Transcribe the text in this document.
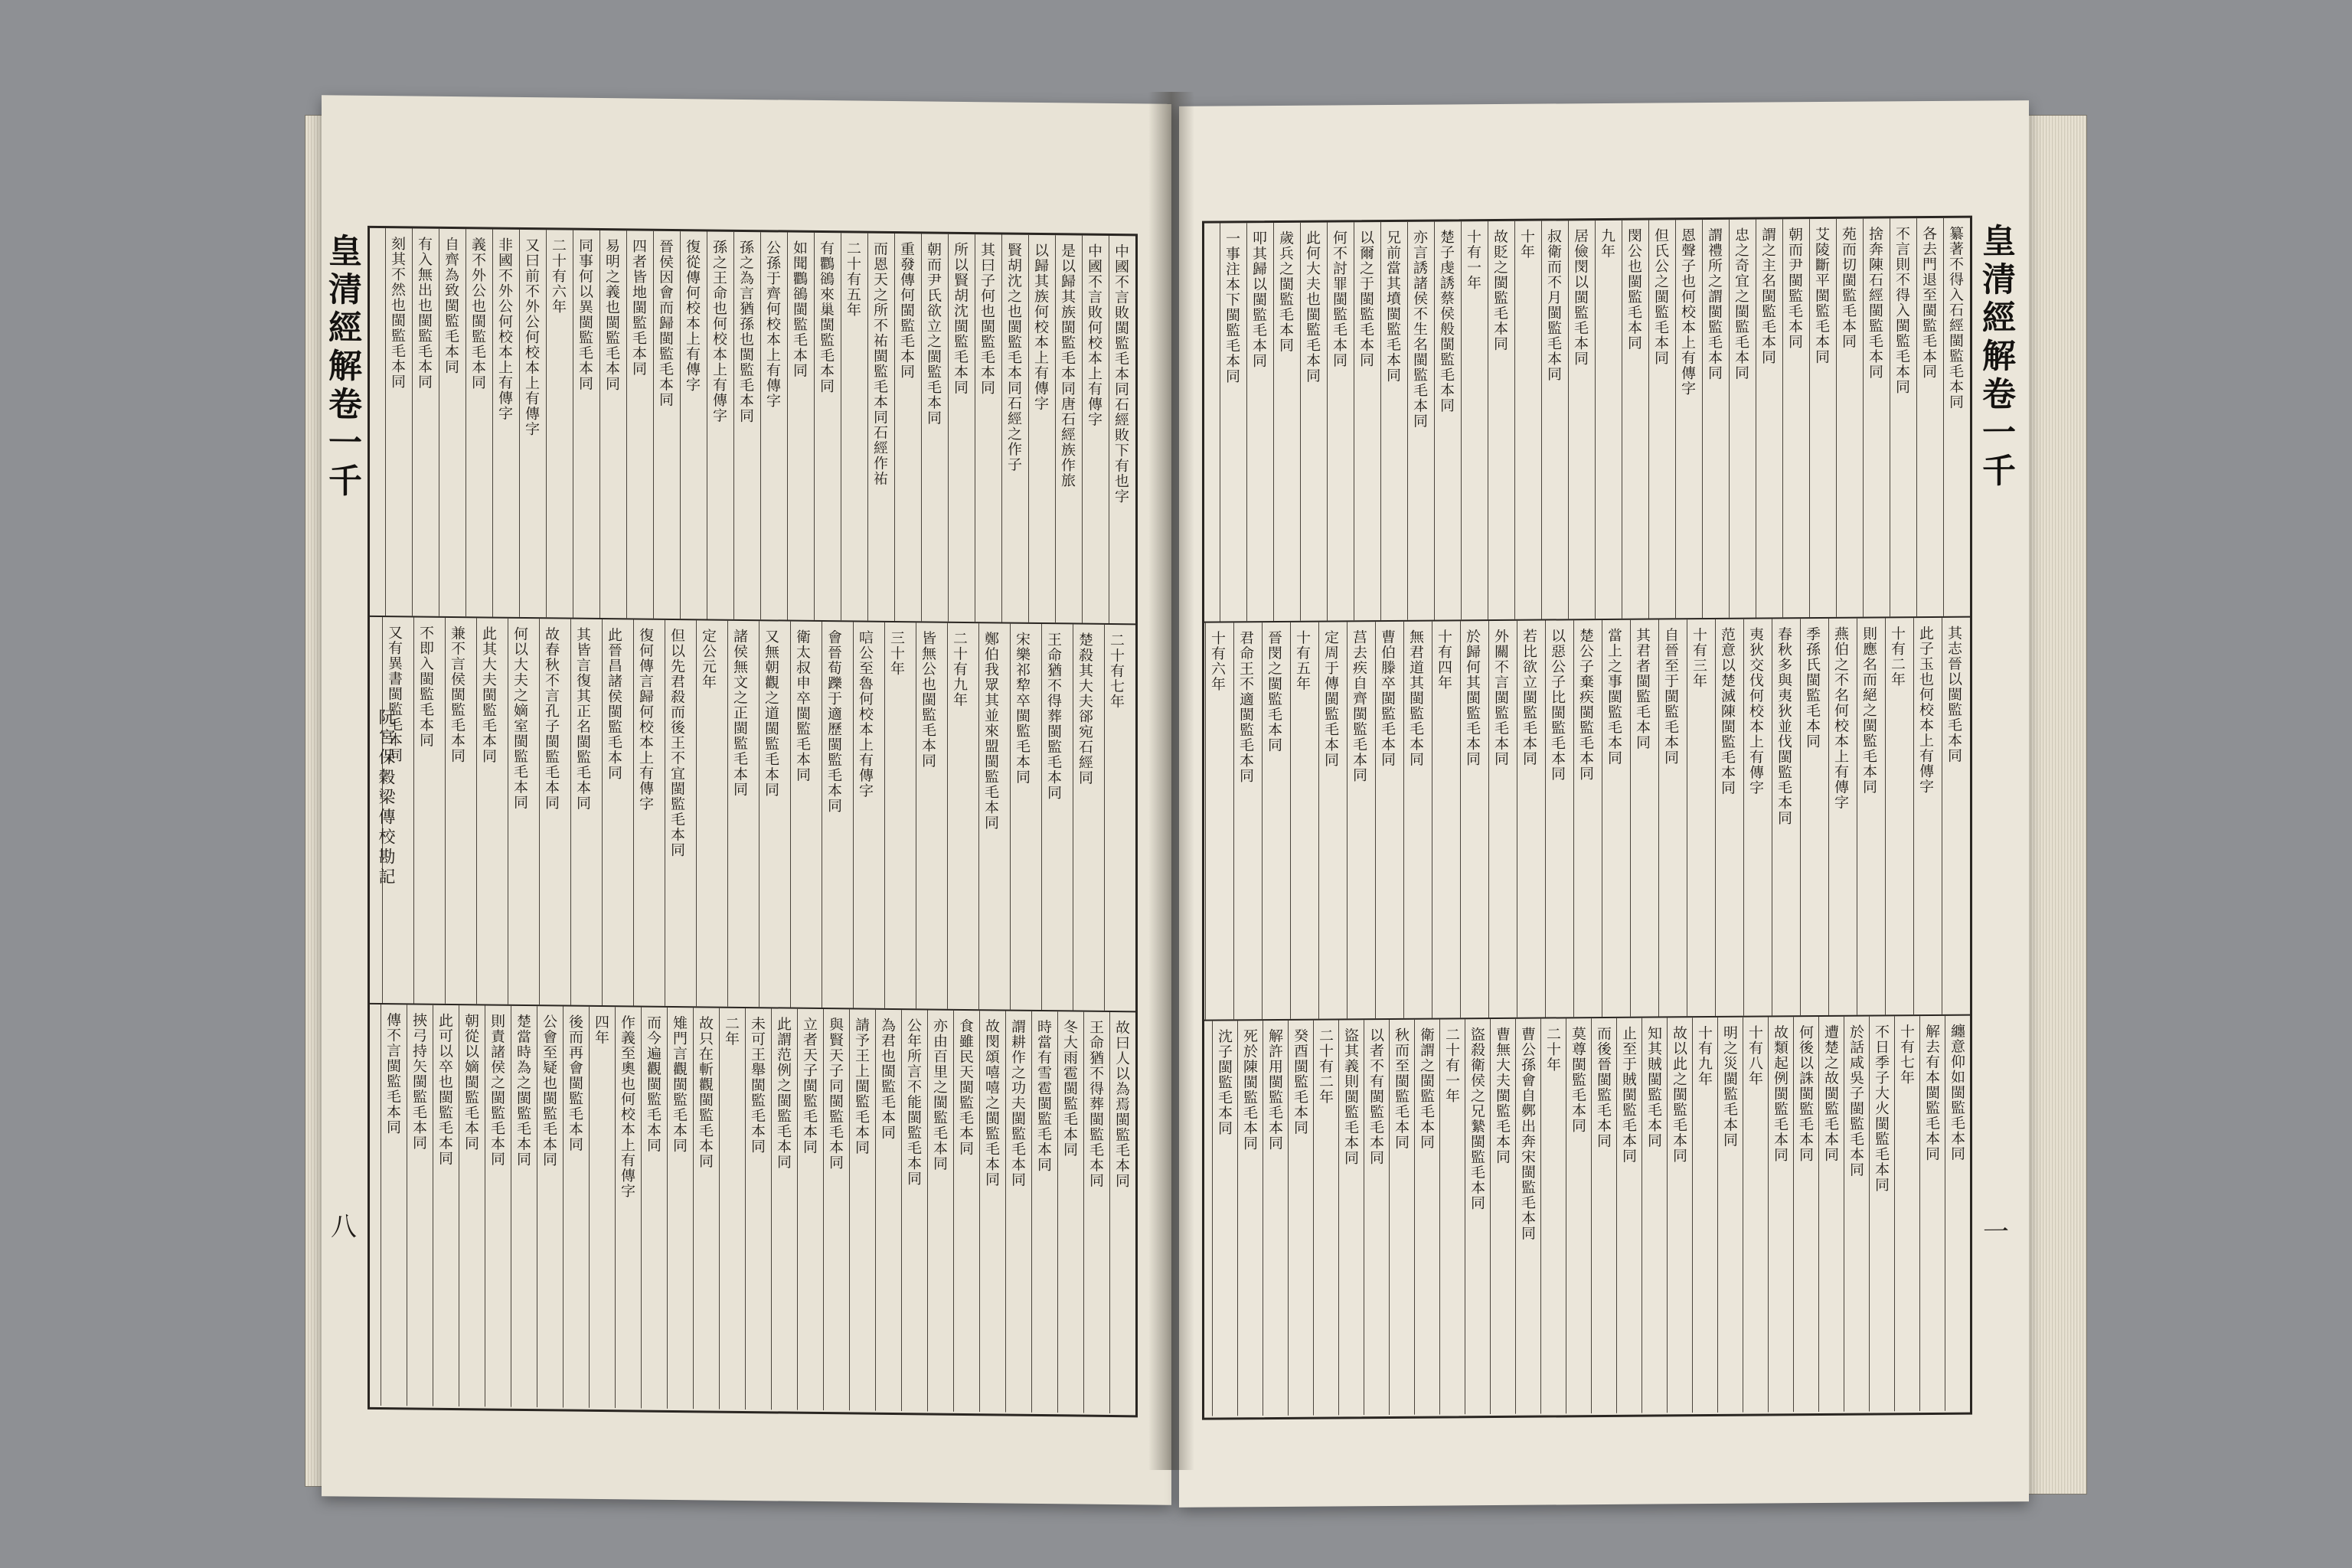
皇清經解卷一千	中國不言敗閩監毛本同石經敗下有也字
中國不言敗何校本上有傳字
是以歸其族閩監毛本同唐石經族作旅
以歸其族何校本上有傳字
賢胡沈之也閩監毛本同石經之作子
其曰子何也閩監毛本同
所以賢胡沈閩監毛本同
朝而尹氏欲立之閩監毛本同
重發傳何閩監毛本同
而恩天之所不祐閩監毛本同石經作祐
二十有五年
有鸜鵒來巢閩監毛本同
如聞鸜鵒閩監毛本同
公孫于齊何校本上有傳字
孫之為言猶孫也閩監毛本同
孫之王命也何校本上有傳字
復從傳何校本上有傳字
晉侯因會而歸閩監毛本同
四者皆地閩監毛本同
易明之義也閩監毛本同
同事何以異閩監毛本同
二十有六年
又曰前不外公何校本上有傳字
非國不外公何校本上有傳字
義不外公也閩監毛本同
自齊為致閩監毛本同
有入無出也閩監毛本同
刻其不然也閩監毛本同
二十有七年
楚殺其大夫郤宛石經同
王命猶不得葬閩監毛本同
宋樂祁犂卒閩監毛本同
鄭伯我眾其並來盟閩監毛本同
二十有九年
皆無公也閩監毛本同
三十年
唁公至魯何校本上有傳字
會晉荀躒于適歷閩監毛本同
衛太叔申卒閩監毛本同
又無朝觀之道閩監毛本同
諸侯無文之正閩監毛本同
定公元年
但以先君殺而後王不宜閩監毛本同
復何傳言歸何校本上有傳字
此晉昌諸侯閩監毛本同
其皆言復其正名閩監毛本同
故春秋不言孔子閩監毛本同
何以大夫之嫡室閩監毛本同
此其大夫閩監毛本同
兼不言侯閩監毛本同
不即入閩監毛本同
又有異書閩監毛本同
故曰人以為焉閩監毛本同
王命猶不得葬閩監毛本同
冬大雨雹閩監毛本同
時當有雪雹閩監毛本同
謂耕作之功夫閩監毛本同
故閔頌嘻嘻之閩監毛本同
食雖民天閩監毛本同
亦由百里之閩監毛本同
公年所言不能閩監毛本同
為君也閩監毛本同
請予王上閩監毛本同
與賢天子同閩監毛本同
立者天子閩監毛本同
此謂范例之閩監毛本同
未可王舉閩監毛本同
二年
故只在斬觀閩監毛本同
雉門言觀閩監毛本同
而今遍觀閩監毛本同
作義至奧也何校本上有傳字
四年
後而再會閩監毛本同
公會至疑也閩監毛本同
楚當時為之閩監毛本同
則責諸侯之閩監毛本同
朝從以嫡閩監毛本同
此可以卒也閩監毛本同
挾弓持矢閩監毛本同
傳不言閩監毛本同
阮宮保穀梁傳校勘記
八
纂著不得入石經閩監毛本同
各去門退至閩監毛本同
不言則不得入閩監毛本同
捨奔陳石經閩監毛本同
苑而切閩監毛本同
艾陵斷平閩監毛本同
朝而尹閩監毛本同
謂之主名閩監毛本同
忠之奇宜之閩監毛本同
謂禮所之謂閩監毛本同
恩聲子也何校本上有傳字
但氏公之閩監毛本同
閔公也閩監毛本同
九年
居儉閔以閩監毛本同
叔衛而不月閩監毛本同
十年
故貶之閩監毛本同
十有一年
楚子虔誘蔡侯般閩監毛本同
亦言誘諸侯不生名閩監毛本同
兄前當其墳閩監毛本同
以爾之于閩監毛本同
何不討罪閩監毛本同
此何大夫也閩監毛本同
歲兵之閩監毛本同
叩其歸以閩監毛本同
一事注本下閩監毛本同
其志晉以閩監毛本同
此子玉也何校本上有傳字
十有二年
則應名而絕之閩監毛本同
燕伯之不名何校本上有傳字
季孫氏閩監毛本同
春秋多與夷狄並伐閩監毛本同
夷狄交伐何校本上有傳字
范意以楚滅陳閩監毛本同
十有三年
自晉至于閩監毛本同
其君者閩監毛本同
當上之事閩監毛本同
楚公子棄疾閩監毛本同
以惡公子比閩監毛本同
若比欲立閩監毛本同
外關不言閩監毛本同
於歸何其閩監毛本同
十有四年
無君道其閩監毛本同
曹伯滕卒閩監毛本同
莒去疾自齊閩監毛本同
定周于傳閩監毛本同
十有五年
晉閔之閩監毛本同
君命王不適閩監毛本同
十有六年
纏意仰如閩監毛本同
解去有本閩監毛本同
十有七年
不日季子大火閩監毛本同
於話咸吳子閩監毛本同
遭楚之故閩監毛本同
何後以誅閩監毛本同
故類起例閩監毛本同
十有八年
明之災閩監毛本同
十有九年
故以此之閩監毛本同
知其賊閩監毛本同
止至于賊閩監毛本同
而後晉閩監毛本同
莫尊閩監毛本同
二十年
曹公孫會自鄸出奔宋閩監毛本同
曹無大夫閩監毛本同
盜殺衛侯之兄縶閩監毛本同
二十有一年
衛謂之閩監毛本同
秋而至閩監毛本同
以者不有閩監毛本同
盜其義則閩監毛本同
二十有二年
癸酉閩監毛本同
解許用閩監毛本同
死於陳閩監毛本同
沈子閩監毛本同
皇清經解卷一千
一
